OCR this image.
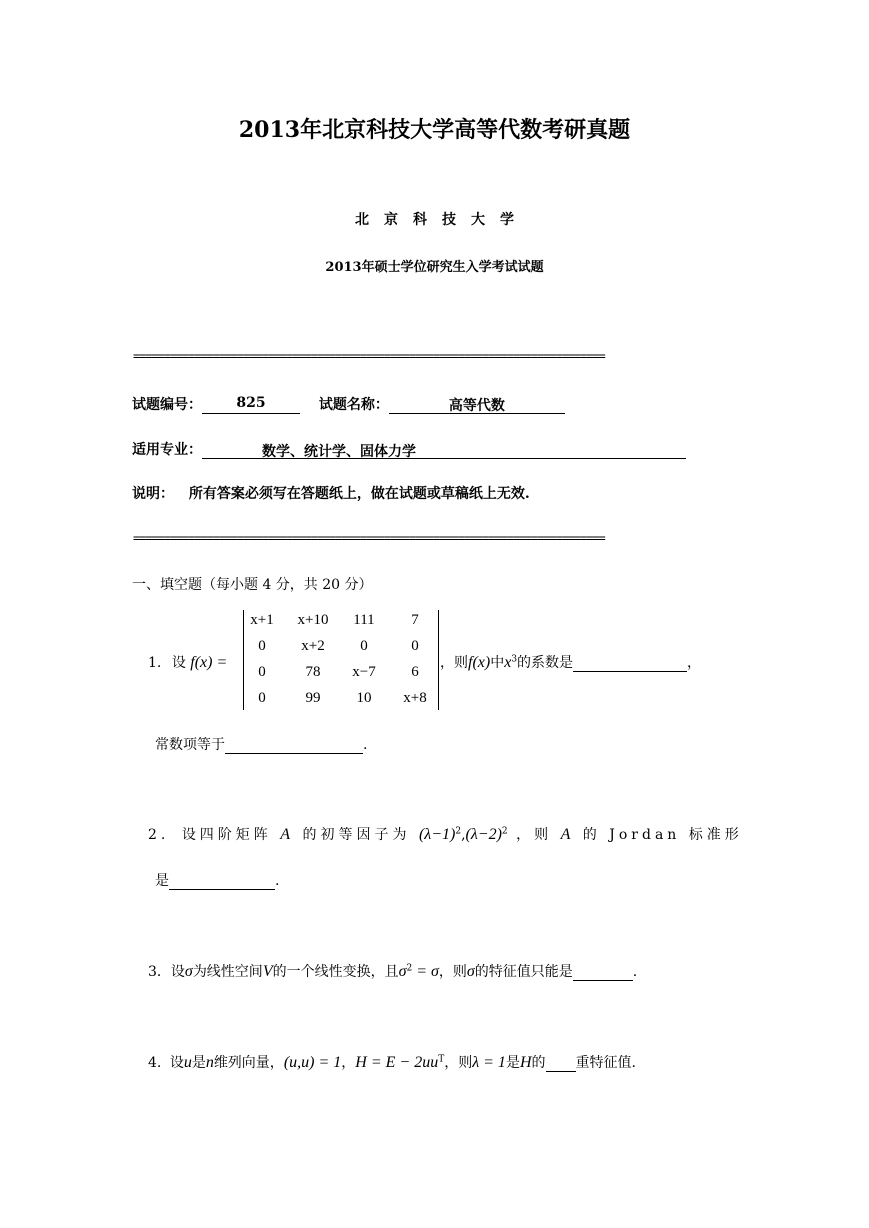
2013年北京科技大学高等代数考研真题
北京科技大学
2013年硕士学位研究生入学考试试题
=============================================================================
试题编号： 825	试题名称：	高等代数
适用专业：	数学、统计学、固体力学
说明： 所有答案必须写在答题纸上，做在试题或草稿纸上无效.
=============================================================================
一、填空题（每小题 4 分，共 20 分）
1. 设 f(x) =
x+1	x+10	111	7
0	x+2	0	0
0	78	x−7	6
0	99	10	x+8
，则f(x)中$x^3$的系数是	，
常数项等于	.
2. 设四阶矩阵 A 的初等因子为 $(\lambda-1)^2,(\lambda-2)^2$ ，则 A 的 Jordan 标准形
是	.
3．设σ为线性空间V的一个线性变换，且$\sigma^2 = \sigma$，则σ的特征值只能是	.
4. 设u是n维列向量，(u,u) = 1，$H = E - 2uu^T$，则λ = 1是H的 重特征值.
